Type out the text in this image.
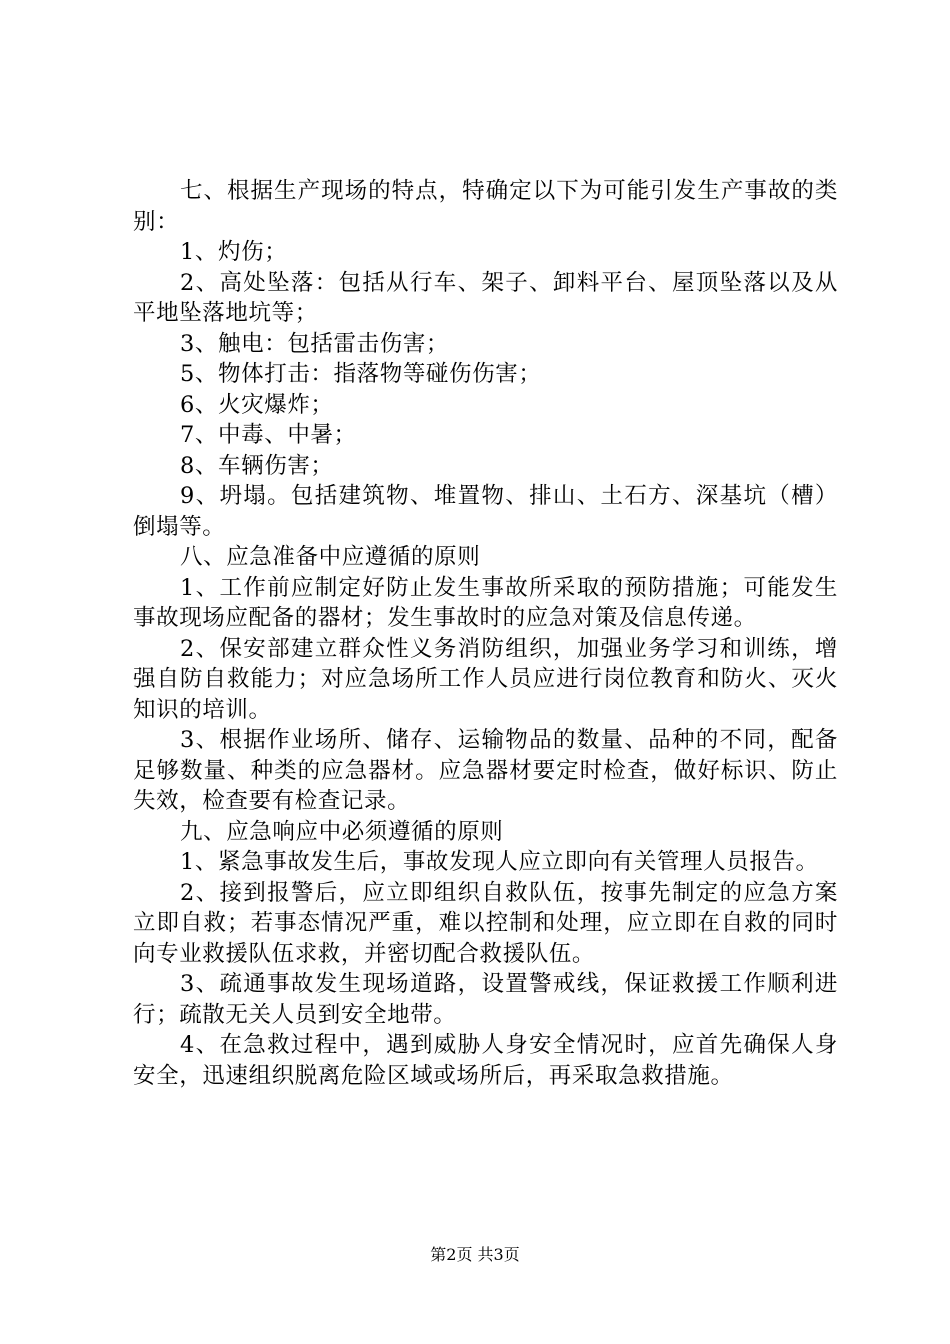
七、根据生产现场的特点，特确定以下为可能引发生产事故的类别：

1、灼伤；

2、高处坠落：包括从行车、架子、卸料平台、屋顶坠落以及从平地坠落地坑等；

3、触电：包括雷击伤害；

5、物体打击：指落物等碰伤伤害；

6、火灾爆炸；

7、中毒、中暑；

8、车辆伤害；

9、坍塌。包括建筑物、堆置物、排山、土石方、深基坑（槽）倒塌等。

八、应急准备中应遵循的原则

1、工作前应制定好防止发生事故所采取的预防措施；可能发生事故现场应配备的器材；发生事故时的应急对策及信息传递。

2、保安部建立群众性义务消防组织，加强业务学习和训练，增强自防自救能力；对应急场所工作人员应进行岗位教育和防火、灭火知识的培训。

3、根据作业场所、储存、运输物品的数量、品种的不同，配备足够数量、种类的应急器材。应急器材要定时检查，做好标识、防止失效，检查要有检查记录。

九、应急响应中必须遵循的原则

1、紧急事故发生后，事故发现人应立即向有关管理人员报告。

2、接到报警后，应立即组织自救队伍，按事先制定的应急方案立即自救；若事态情况严重，难以控制和处理，应立即在自救的同时向专业救援队伍求救，并密切配合救援队伍。

3、疏通事故发生现场道路，设置警戒线，保证救援工作顺利进行；疏散无关人员到安全地带。

4、在急救过程中，遇到威胁人身安全情况时，应首先确保人身安全，迅速组织脱离危险区域或场所后，再采取急救措施。

第2页 共3页
